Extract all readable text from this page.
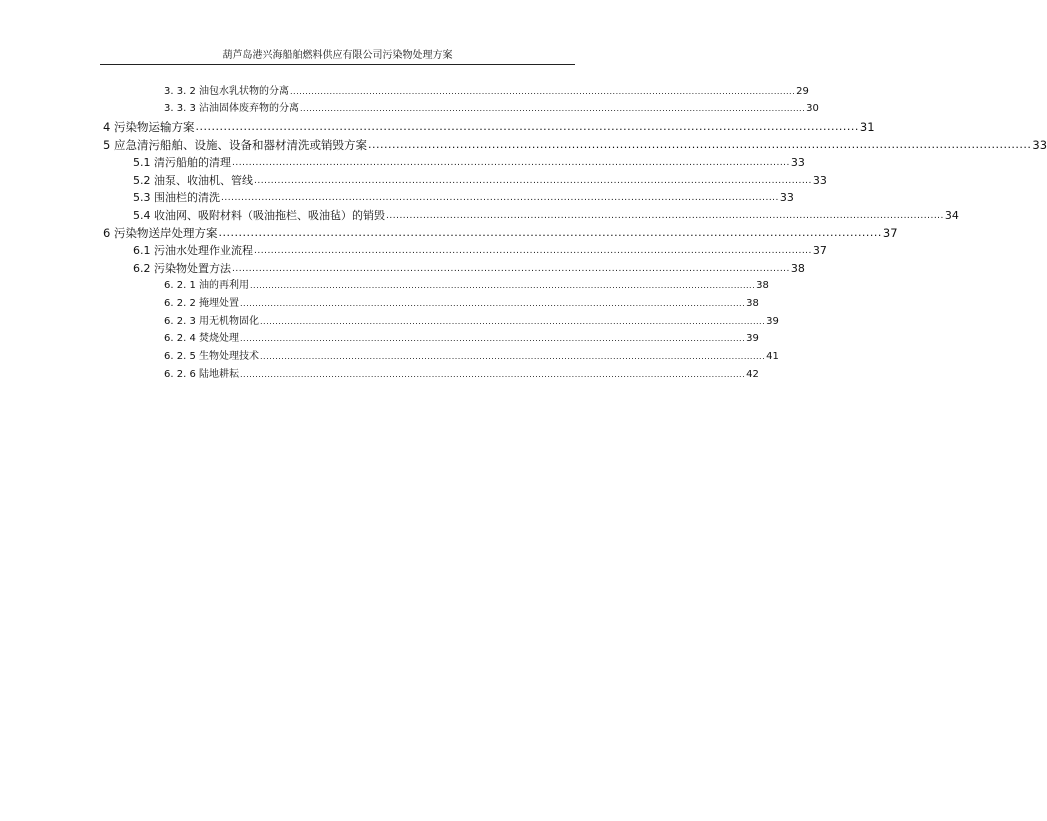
葫芦岛港兴海船舶燃料供应有限公司污染物处理方案
3. 3. 2 油包水乳状物的分离 ...................................................................................................................................................................... 29
3. 3. 3 沾油固体废弃物的分离 ...................................................................................................................................................................... 30
4 污染物运输方案 ...................................................................................................................................................................... 31
5 应急清污船舶、设施、设备和器材清洗或销毁方案 ...................................................................................................................................................................... 33
5.1 清污船舶的清理 ...................................................................................................................................................................... 33
5.2 油泵、收油机、管线 ...................................................................................................................................................................... 33
5.3 围油栏的清洗 ...................................................................................................................................................................... 33
5.4 收油网、吸附材料（吸油拖栏、吸油毡）的销毁 ...................................................................................................................................................................... 34
6 污染物送岸处理方案 ...................................................................................................................................................................... 37
6.1 污油水处理作业流程 ...................................................................................................................................................................... 37
6.2 污染物处置方法 ...................................................................................................................................................................... 38
6. 2. 1 油的再利用 ...................................................................................................................................................................... 38
6. 2. 2 掩埋处置 ...................................................................................................................................................................... 38
6. 2. 3 用无机物固化 ...................................................................................................................................................................... 39
6. 2. 4 焚烧处理 ...................................................................................................................................................................... 39
6. 2. 5 生物处理技术 ...................................................................................................................................................................... 41
6. 2. 6 陆地耕耘 ...................................................................................................................................................................... 42
